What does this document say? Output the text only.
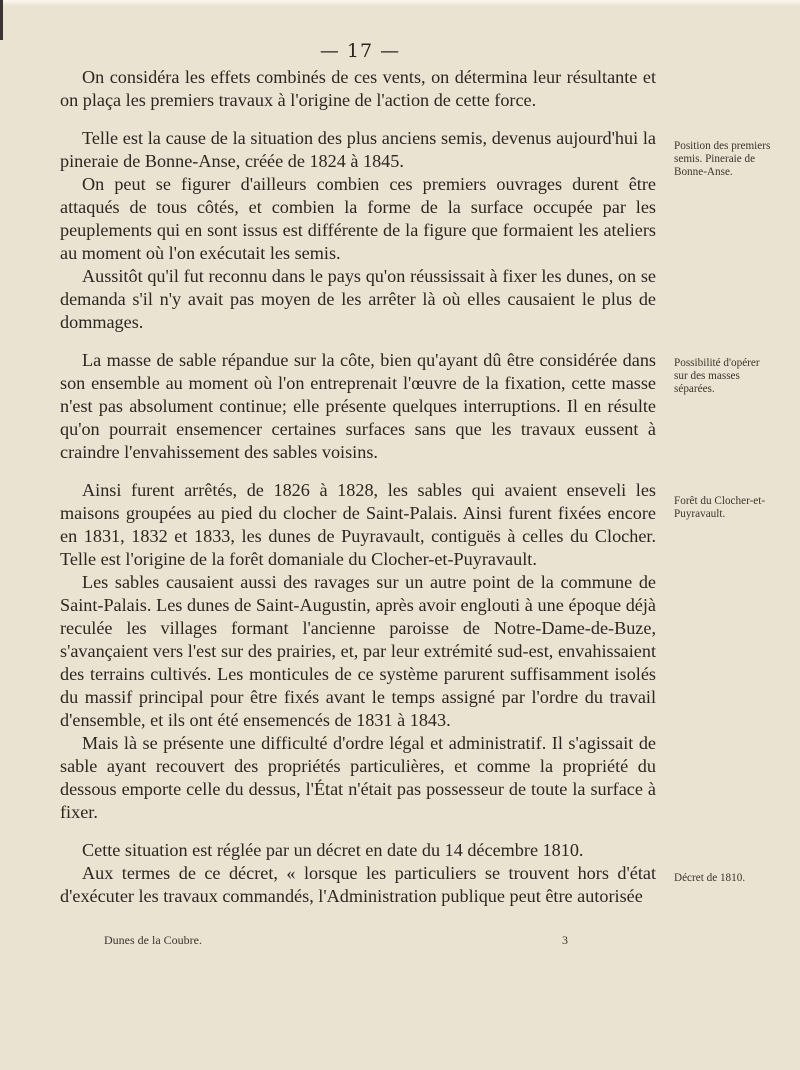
— 17 —

On considéra les effets combinés de ces vents, on détermina leur résultante et on plaça les premiers travaux à l'origine de l'action de cette force.

Telle est la cause de la situation des plus anciens semis, devenus aujourd'hui la pineraie de Bonne-Anse, créée de 1824 à 1845.

On peut se figurer d'ailleurs combien ces premiers ouvrages durent être attaqués de tous côtés, et combien la forme de la surface occupée par les peuplements qui en sont issus est différente de la figure que formaient les ateliers au moment où l'on exécutait les semis.

Aussitôt qu'il fut reconnu dans le pays qu'on réussissait à fixer les dunes, on se demanda s'il n'y avait pas moyen de les arrêter là où elles causaient le plus de dommages.

La masse de sable répandue sur la côte, bien qu'ayant dû être considérée dans son ensemble au moment où l'on entreprenait l'œuvre de la fixation, cette masse n'est pas absolument continue; elle présente quelques interruptions. Il en résulte qu'on pourrait ensemencer certaines surfaces sans que les travaux eussent à craindre l'envahissement des sables voisins.

Ainsi furent arrêtés, de 1826 à 1828, les sables qui avaient enseveli les maisons groupées au pied du clocher de Saint-Palais. Ainsi furent fixées encore en 1831, 1832 et 1833, les dunes de Puyravault, contiguës à celles du Clocher. Telle est l'origine de la forêt domaniale du Clocher-et-Puyravault.

Les sables causaient aussi des ravages sur un autre point de la commune de Saint-Palais. Les dunes de Saint-Augustin, après avoir englouti à une époque déjà reculée les villages formant l'ancienne paroisse de Notre-Dame-de-Buze, s'avançaient vers l'est sur des prairies, et, par leur extrémité sud-est, envahissaient des terrains cultivés. Les monticules de ce système parurent suffisamment isolés du massif principal pour être fixés avant le temps assigné par l'ordre du travail d'ensemble, et ils ont été ensemencés de 1831 à 1843.

Mais là se présente une difficulté d'ordre légal et administratif. Il s'agissait de sable ayant recouvert des propriétés particulières, et comme la propriété du dessous emporte celle du dessus, l'État n'était pas possesseur de toute la surface à fixer.

Cette situation est réglée par un décret en date du 14 décembre 1810.

Aux termes de ce décret, « lorsque les particuliers se trouvent hors d'état d'exécuter les travaux commandés, l'Administration publique peut être autorisée

Position des premiers semis. Pineraie de Bonne-Anse.
Possibilité d'opérer sur des masses séparées.
Forêt du Clocher-et-Puyravault.
Décret de 1810.
Dunes de la Coubre.	3
